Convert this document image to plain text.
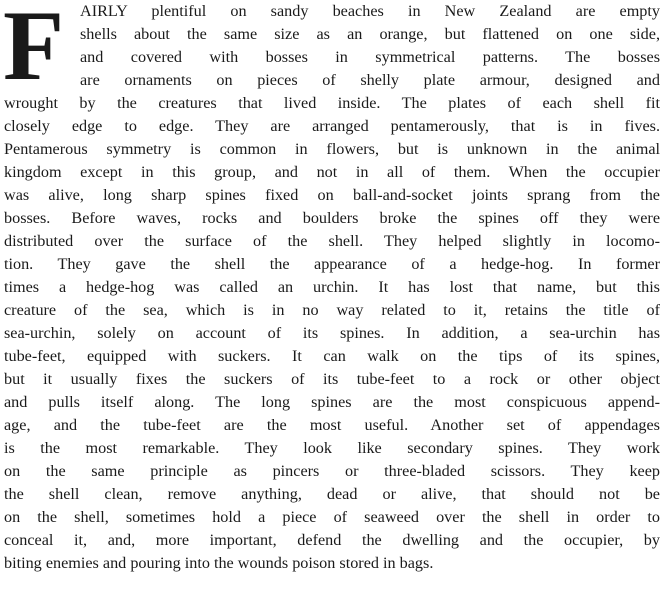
F AIRLY plentiful on sandy beaches in New Zealand are empty
shells about the same size as an orange, but flattened on one side,
and covered with bosses in symmetrical patterns. The bosses
are ornaments on pieces of shelly plate armour, designed and
wrought by the creatures that lived inside. The plates of each shell fit
closely edge to edge. They are arranged pentamerously, that is in fives.
Pentamerous symmetry is common in flowers, but is unknown in the animal
kingdom except in this group, and not in all of them. When the occupier
was alive, long sharp spines fixed on ball-and-socket joints sprang from the
bosses. Before waves, rocks and boulders broke the spines off they were
distributed over the surface of the shell. They helped slightly in locomo-
tion. They gave the shell the appearance of a hedge-hog. In former
times a hedge-hog was called an urchin. It has lost that name, but this
creature of the sea, which is in no way related to it, retains the title of
sea-urchin, solely on account of its spines. In addition, a sea-urchin has
tube-feet, equipped with suckers. It can walk on the tips of its spines,
but it usually fixes the suckers of its tube-feet to a rock or other object
and pulls itself along. The long spines are the most conspicuous append-
age, and the tube-feet are the most useful. Another set of appendages
is the most remarkable. They look like secondary spines. They work
on the same principle as pincers or three-bladed scissors. They keep
the shell clean, remove anything, dead or alive, that should not be
on the shell, sometimes hold a piece of seaweed over the shell in order to
conceal it, and, more important, defend the dwelling and the occupier, by
biting enemies and pouring into the wounds poison stored in bags.
